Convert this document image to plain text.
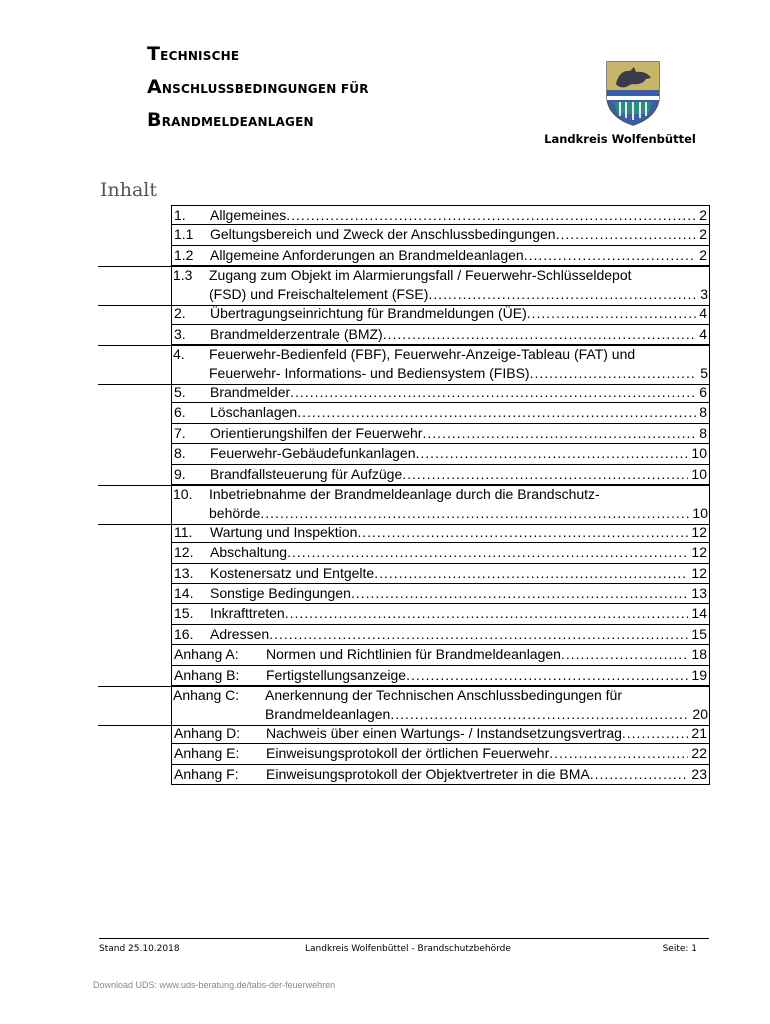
TECHNISCHE
ANSCHLUSSBEDINGUNGEN FÜR
BRANDMELDEANLAGEN
Landkreis Wolfenbüttel
Inhalt
1. Allgemeines .....	2
1.1 Geltungsbereich und Zweck der Anschlussbedingungen .....	2
1.2 Allgemeine Anforderungen an Brandmeldeanlagen .....	2
1.3 Zugang zum Objekt im Alarmierungsfall / Feuerwehr-Schlüsseldepot
(FSD) und Freischaltelement (FSE) .....	3
2. Übertragungseinrichtung für Brandmeldungen (ÜE) .....	4
3. Brandmelderzentrale (BMZ) .....	4
4. Feuerwehr-Bedienfeld (FBF), Feuerwehr-Anzeige-Tableau (FAT) und
Feuerwehr- Informations- und Bediensystem (FIBS) .....	5
5. Brandmelder .....	6
6. Löschanlagen .....	8
7. Orientierungshilfen der Feuerwehr .....	8
8. Feuerwehr-Gebäudefunkanlagen .....	10
9. Brandfallsteuerung für Aufzüge .....	10
10. Inbetriebnahme der Brandmeldeanlage durch die Brandschutz-
behörde .....	10
11. Wartung und Inspektion .....	12
12. Abschaltung .....	12
13. Kostenersatz und Entgelte .....	12
14. Sonstige Bedingungen .....	13
15. Inkrafttreten .....	14
16. Adressen .....	15
Anhang A: Normen und Richtlinien für Brandmeldeanlagen .....	18
Anhang B: Fertigstellungsanzeige .....	19
Anhang C: Anerkennung der Technischen Anschlussbedingungen für
Brandmeldeanlagen .....	20
Anhang D: Nachweis über einen Wartungs- / Instandsetzungsvertrag .....	21
Anhang E: Einweisungsprotokoll der örtlichen Feuerwehr .....	22
Anhang F: Einweisungsprotokoll der Objektvertreter in die BMA .....	23
Stand 25.10.2018	Landkreis Wolfenbüttel - Brandschutzbehörde	Seite: 1
Download UDS: www.uds-beratung.de/tabs-der-feuerwehren
